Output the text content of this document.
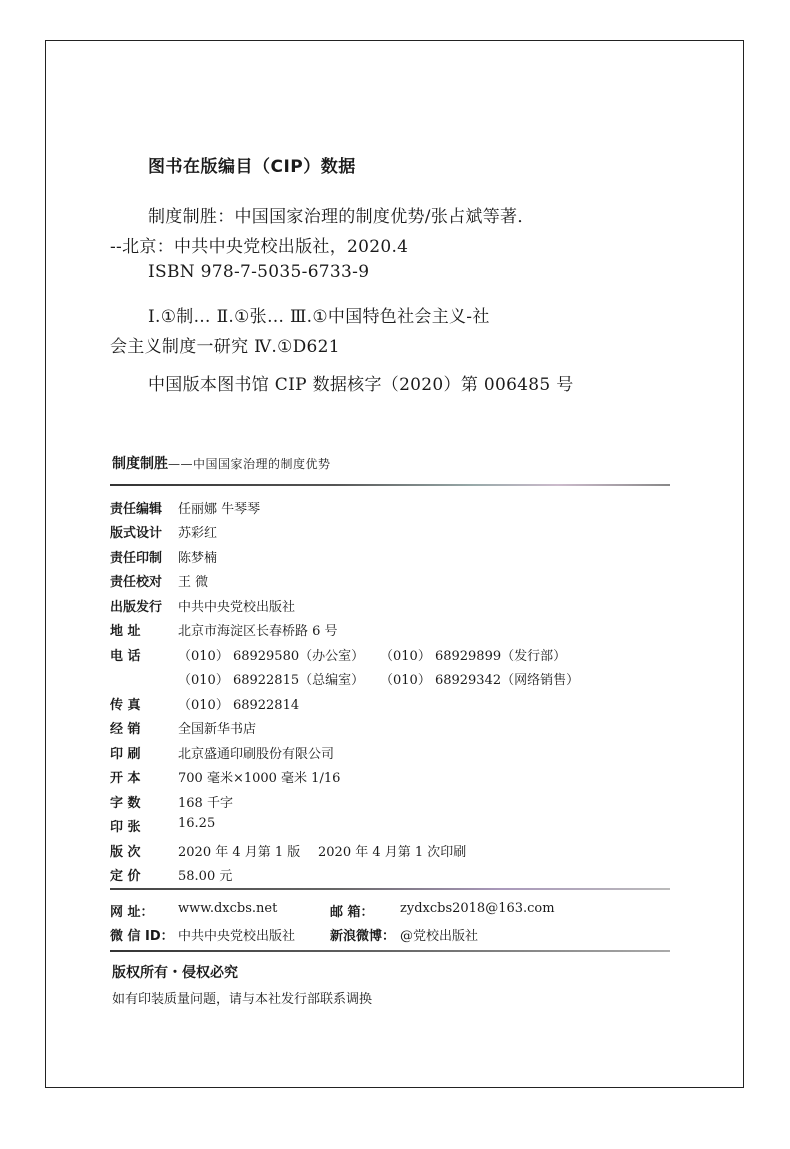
图书在版编目（CIP）数据
制度制胜：中国国家治理的制度优势/张占斌等著．
--北京：中共中央党校出版社，2020.4
ISBN 978-7-5035-6733-9
Ⅰ.①制… Ⅱ.①张… Ⅲ.①中国特色社会主义-社
会主义制度一研究 Ⅳ.①D621
中国版本图书馆 CIP 数据核字（2020）第 006485 号
制度制胜——中国国家治理的制度优势
责任编辑	任丽娜 牛琴琴
版式设计	苏彩红
责任印制	陈梦楠
责任校对	王 微
出版发行	中共中央党校出版社
地 址	北京市海淀区长春桥路 6 号
电 话	（010） 68929580（办公室） （010） 68929899（发行部）
（010） 68922815（总编室） （010） 68929342（网络销售）
传 真	（010） 68922814
经 销	全国新华书店
印 刷	北京盛通印刷股份有限公司
开 本	700 毫米×1000 毫米 1/16
字 数	168 千字
印 张	16.25
版 次	2020 年 4 月第 1 版 2020 年 4 月第 1 次印刷
定 价	58.00 元
网 址： www.dxcbs.net	邮 箱： zydxcbs2018@163.com
微 信 ID： 中共中央党校出版社	新浪微博： @党校出版社
版权所有・侵权必究
如有印装质量问题，请与本社发行部联系调换
